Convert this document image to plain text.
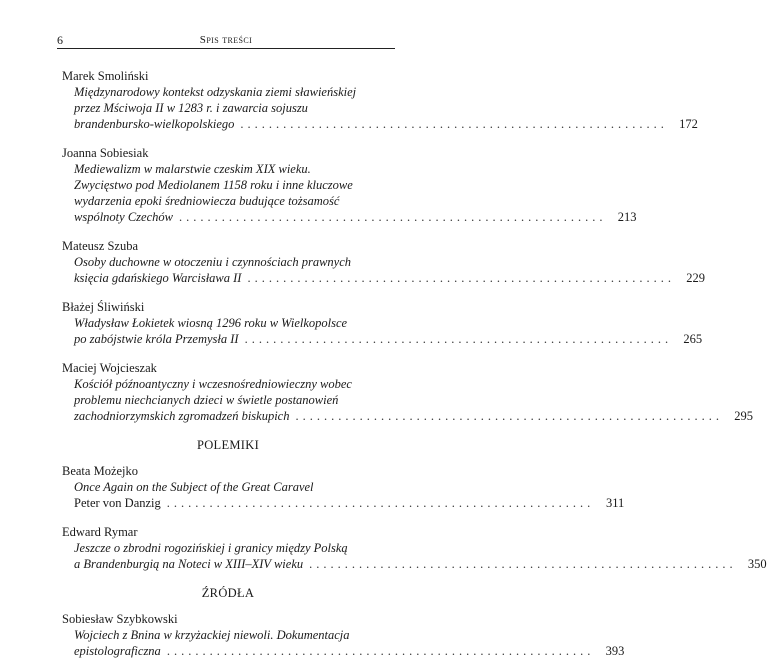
6	Spis treści
Marek Smoliński
Międzynarodowy kontekst odzyskania ziemi sławieńskiej
przez Mściwoja II w 1283 r. i zawarcia sojuszu
brandenbursko-wielkopolskiego ............................................................ 172
Joanna Sobiesiak
Mediewalizm w malarstwie czeskim XIX wieku.
Zwycięstwo pod Mediolanem 1158 roku i inne kluczowe
wydarzenia epoki średniowiecza budujące tożsamość
wspólnoty Czechów ............................................................ 213
Mateusz Szuba
Osoby duchowne w otoczeniu i czynnościach prawnych
księcia gdańskiego Warcisława II ............................................................ 229
Błażej Śliwiński
Władysław Łokietek wiosną 1296 roku w Wielkopolsce
po zabójstwie króla Przemysła II ............................................................ 265
Maciej Wojcieszak
Kościół późnoantyczny i wczesnośredniowieczny wobec
problemu niechcianych dzieci w świetle postanowień
zachodniorzymskich zgromadzeń biskupich ............................................................ 295
POLEMIKI
Beata Możejko
Once Again on the Subject of the Great Caravel
Peter von Danzig ............................................................ 311
Edward Rymar
Jeszcze o zbrodni rogozińskiej i granicy między Polską
a Brandenburgią na Noteci w XIII–XIV wieku ............................................................ 350
ŹRÓDŁA
Sobiesław Szybkowski
Wojciech z Bnina w krzyżackiej niewoli. Dokumentacja
epistolograficzna ............................................................ 393
